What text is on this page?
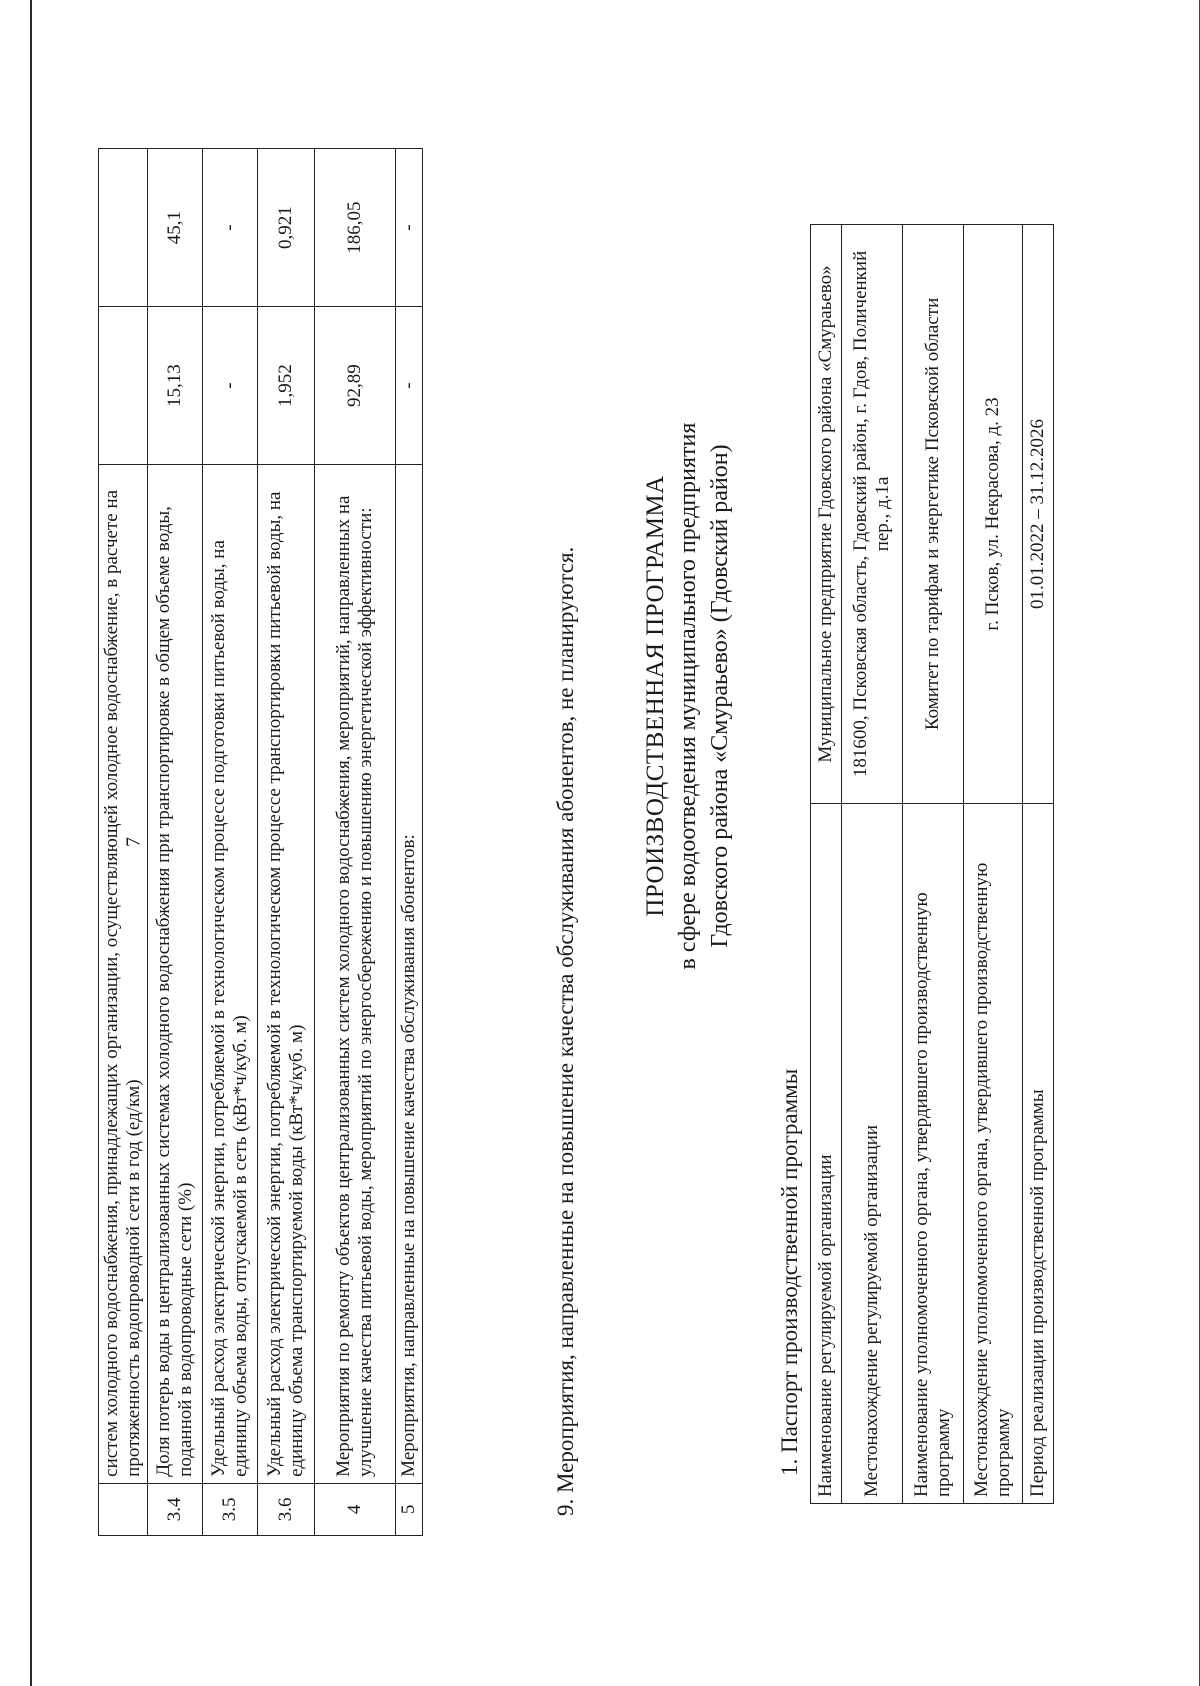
7
	систем холодного водоснабжения, принадлежащих организации, осуществляющей холодное водоснабжение, в расчете на протяженность водопроводной сети в год (ед/км)		
3.4	Доля потерь воды в централизованных системах холодного водоснабжения при транспортировке в общем объеме воды, поданной в водопроводные сети (%)	15,13	45,1
3.5	Удельный расход электрической энергии, потребляемой в технологическом процессе подготовки питьевой воды, на единицу объема воды, отпускаемой в сеть (кВт*ч/куб. м)	-	-
3.6	Удельный расход электрической энергии, потребляемой в технологическом процессе транспортировки питьевой воды, на единицу объема транспортируемой воды (кВт*ч/куб. м)	1,952	0,921
4	Мероприятия по ремонту объектов централизованных систем холодного водоснабжения, мероприятий, направленных на улучшение качества питьевой воды, мероприятий по энергосбережению и повышению энергетической эффективности:	92,89	186,05
5	Мероприятия, направленные на повышение качества обслуживания абонентов:	-	-
9. Мероприятия, направленные на повышение качества обслуживания абонентов, не планируются.	ПРОИЗВОДСТВЕННАЯ ПРОГРАММА в сфере водоотведения муниципального предприятия Гдовского района «Смураьево» (Гдовский район)
1. Паспорт производственной программы Наименование регулируемой организации	Муниципальное предприятие Гдовского района «Смураьево»
Местонахождение регулируемой организации	181600, Псковская область, Гдовский район, г. Гдов, Поличенкий пер., д.1а
Наименование уполномоченного органа, утвердившего производственную программу	Комитет по тарифам и энергетике Псковской области
Местонахождение уполномоченного органа, утвердившего производственную программу	г. Псков, ул. Некрасова, д. 23
Период реализации производственной программы	01.01.2022 – 31.12.2026
